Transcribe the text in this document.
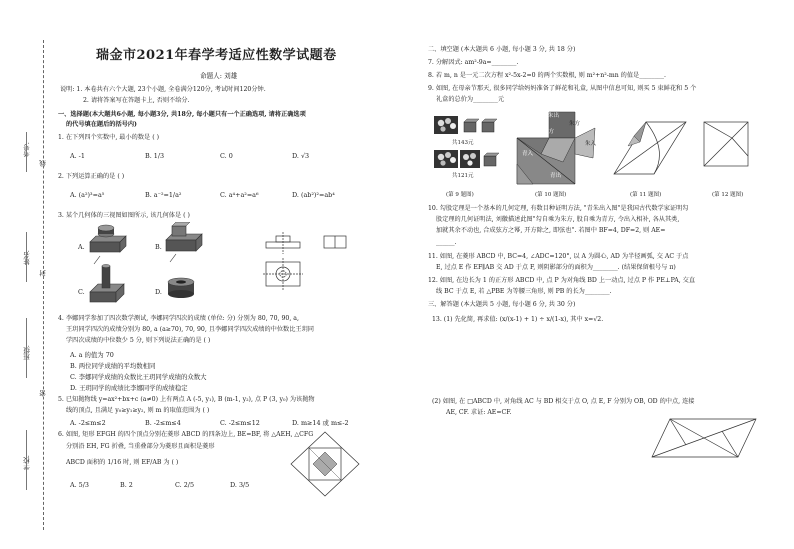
考号:
线
姓名:
封
班级:
密
学校:
瑞金市2021年春学考适应性数学试题卷
命题人: 刘雄
说明: 1. 本卷共有六个大题, 23个小题, 全卷满分120分, 考试时间120分钟.
2. 请将答案写在答题卡上, 否则不给分.
一、选择题(本大题共6小题, 每小题3分, 共18分, 每小题只有一个正确选项, 请将正确选项
的代号填在题后的括号内)
1. 在下列四个实数中, 最小的数是 ( )
A. -1	B. 1/3	C. 0	D. √3
2. 下列运算正确的是 ( )
A. (a²)³=a⁵	B. a⁻²=1/a²	C. a⁴+a²=a⁶	D. (ab²)²=ab⁴
3. 某个几何体的三视图如图所示, 该几何体是 ( )
A.	B.
C.	D.
4. 李娜同学参加了四次数学测试, 李娜同学四次的成绩 (单位: 分) 分别为 80, 70, 90, a,
王玥同学四次的成绩分别为 80, a (a≥70), 70, 90, 且李娜同学四次成绩的中位数比王玥同
学四次成绩的中位数少 5 分, 则下列说法正确的是 ( )
A. a 的值为 70
B. 两位同学成绩的平均数相同
C. 李娜同学成绩的众数比王玥同学成绩的众数大
D. 王玥同学的成绩比李娜同学的成绩稳定
5. 已知抛物线 y=ax²+bx+c (a≠0) 上有两点 A (-5, y₁), B (m-1, y₂), 点 P (3, y₀) 为该抛物
线的顶点, 且满足 y₀≥y₁≥y₂, 则 m 的取值范围为 ( )
A. -2≤m≤2	B. -2≤m≤4	C. -2≤m≤12	D. m≥14 或 m≤-2
6. 如图, 矩形 EFGH 的四个顶点分别在菱形 ABCD 的四条边上, BE=BF, 将 △AEH, △CFG
分别沿 EH, FG 折叠, 当重叠部分为菱形且面积是菱形
ABCD 面积的 1/16 时, 则 EF/AB 为 ( )
A. 5/3	B. 2	C. 2/5	D. 3/5
二、填空题 (本大题共 6 小题, 每小题 3 分, 共 18 分)
7. 分解因式: am²-9a=________.
8. 若 m, n 是一元二次方程 x²-5x-2=0 的两个实数根, 则 m²+n²-mn 的值是________.
9. 如图, 在母亲节那天, 很多同学给妈妈准备了鲜花和礼盒, 从图中信息可知, 则买 5 束鲜花和 5 个
礼盒的总价为________元
共143元
共121元
朱出
青方
朱方
青入
朱入
青出
(第 9 题图)	(第 10 题图)	(第 11 题图)	(第 12 题图)
10. 勾股定理是一个基本的几何定理, 有数目种证明方法, "青朱出入图"是我国古代数学家证明勾
股定理的几何证明法, 刘徽描述此图"勾自乘为朱方, 股自乘为青方, 令出入相补, 各从其类,
加就其余不动也, 合成弦方之幂, 开方除之, 即弦也". 若图中 BF=4, DF=2, 则 AE=
______.
11. 如图, 在菱形 ABCD 中, BC=4, ∠ADC=120°, 以 A 为圆心, AD 为半径画弧, 交 AC 于点
E, 过点 E 作 EF∥AB 交 AD 于点 F, 则阴影部分的面积为________. (结果保留根号与 π)
12. 如图, 在边长为 1 的正方形 ABCD 中, 点 P 为对角线 BD 上一动点, 过点 P 作 PE⊥PA, 交直
线 BC 于点 E, 若 △PBE 为等腰三角形, 则 PB 的长为________.
三、解答题 (本大题共 5 小题, 每小题 6 分, 共 30 分)
13. (1) 先化简, 再求值: (x/(x-1) + 1) ÷ x/(1-x), 其中 x=√2.
(2) 如图, 在 □ABCD 中, 对角线 AC 与 BD 相交于点 O, 点 E, F 分别为 OB, OD 的中点, 连接
AE, CF. 求证: AE=CF.
